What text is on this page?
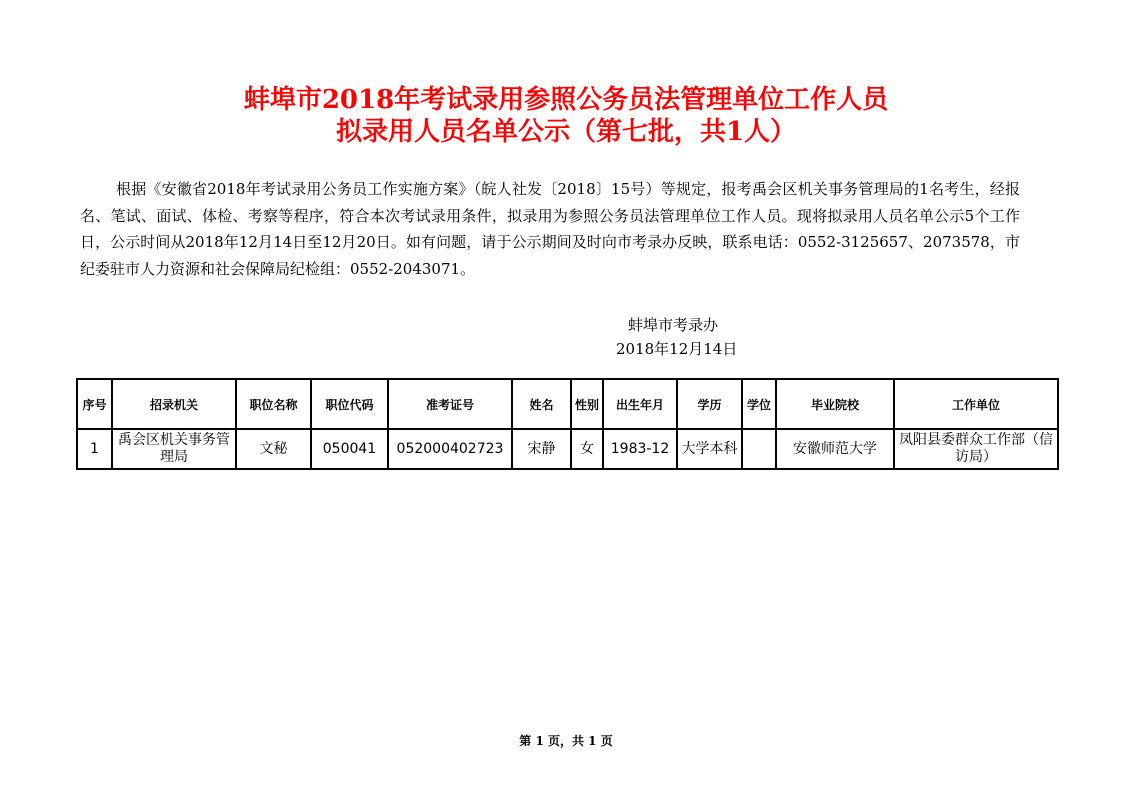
蚌埠市2018年考试录用参照公务员法管理单位工作人员
拟录用人员名单公示（第七批，共1人）
根据《安徽省2018年考试录用公务员工作实施方案》（皖人社发〔2018〕15号）等规定，报考禹会区机关事务管理局的1名考生，经报名、笔试、面试、体检、考察等程序，符合本次考试录用条件，拟录用为参照公务员法管理单位工作人员。现将拟录用人员名单公示5个工作日，公示时间从2018年12月14日至12月20日。如有问题，请于公示期间及时向市考录办反映，联系电话：0552-3125657、2073578，市纪委驻市人力资源和社会保障局纪检组：0552-2043071。
蚌埠市考录办
2018年12月14日
序号	招录机关	职位名称	职位代码	准考证号	姓名	性别	出生年月	学历	学位	毕业院校	工作单位
1	禹会区机关事务管理局	文秘	050041	052000402723	宋静	女	1983-12	大学本科		安徽师范大学	凤阳县委群众工作部（信访局）
第 1 页，共 1 页
